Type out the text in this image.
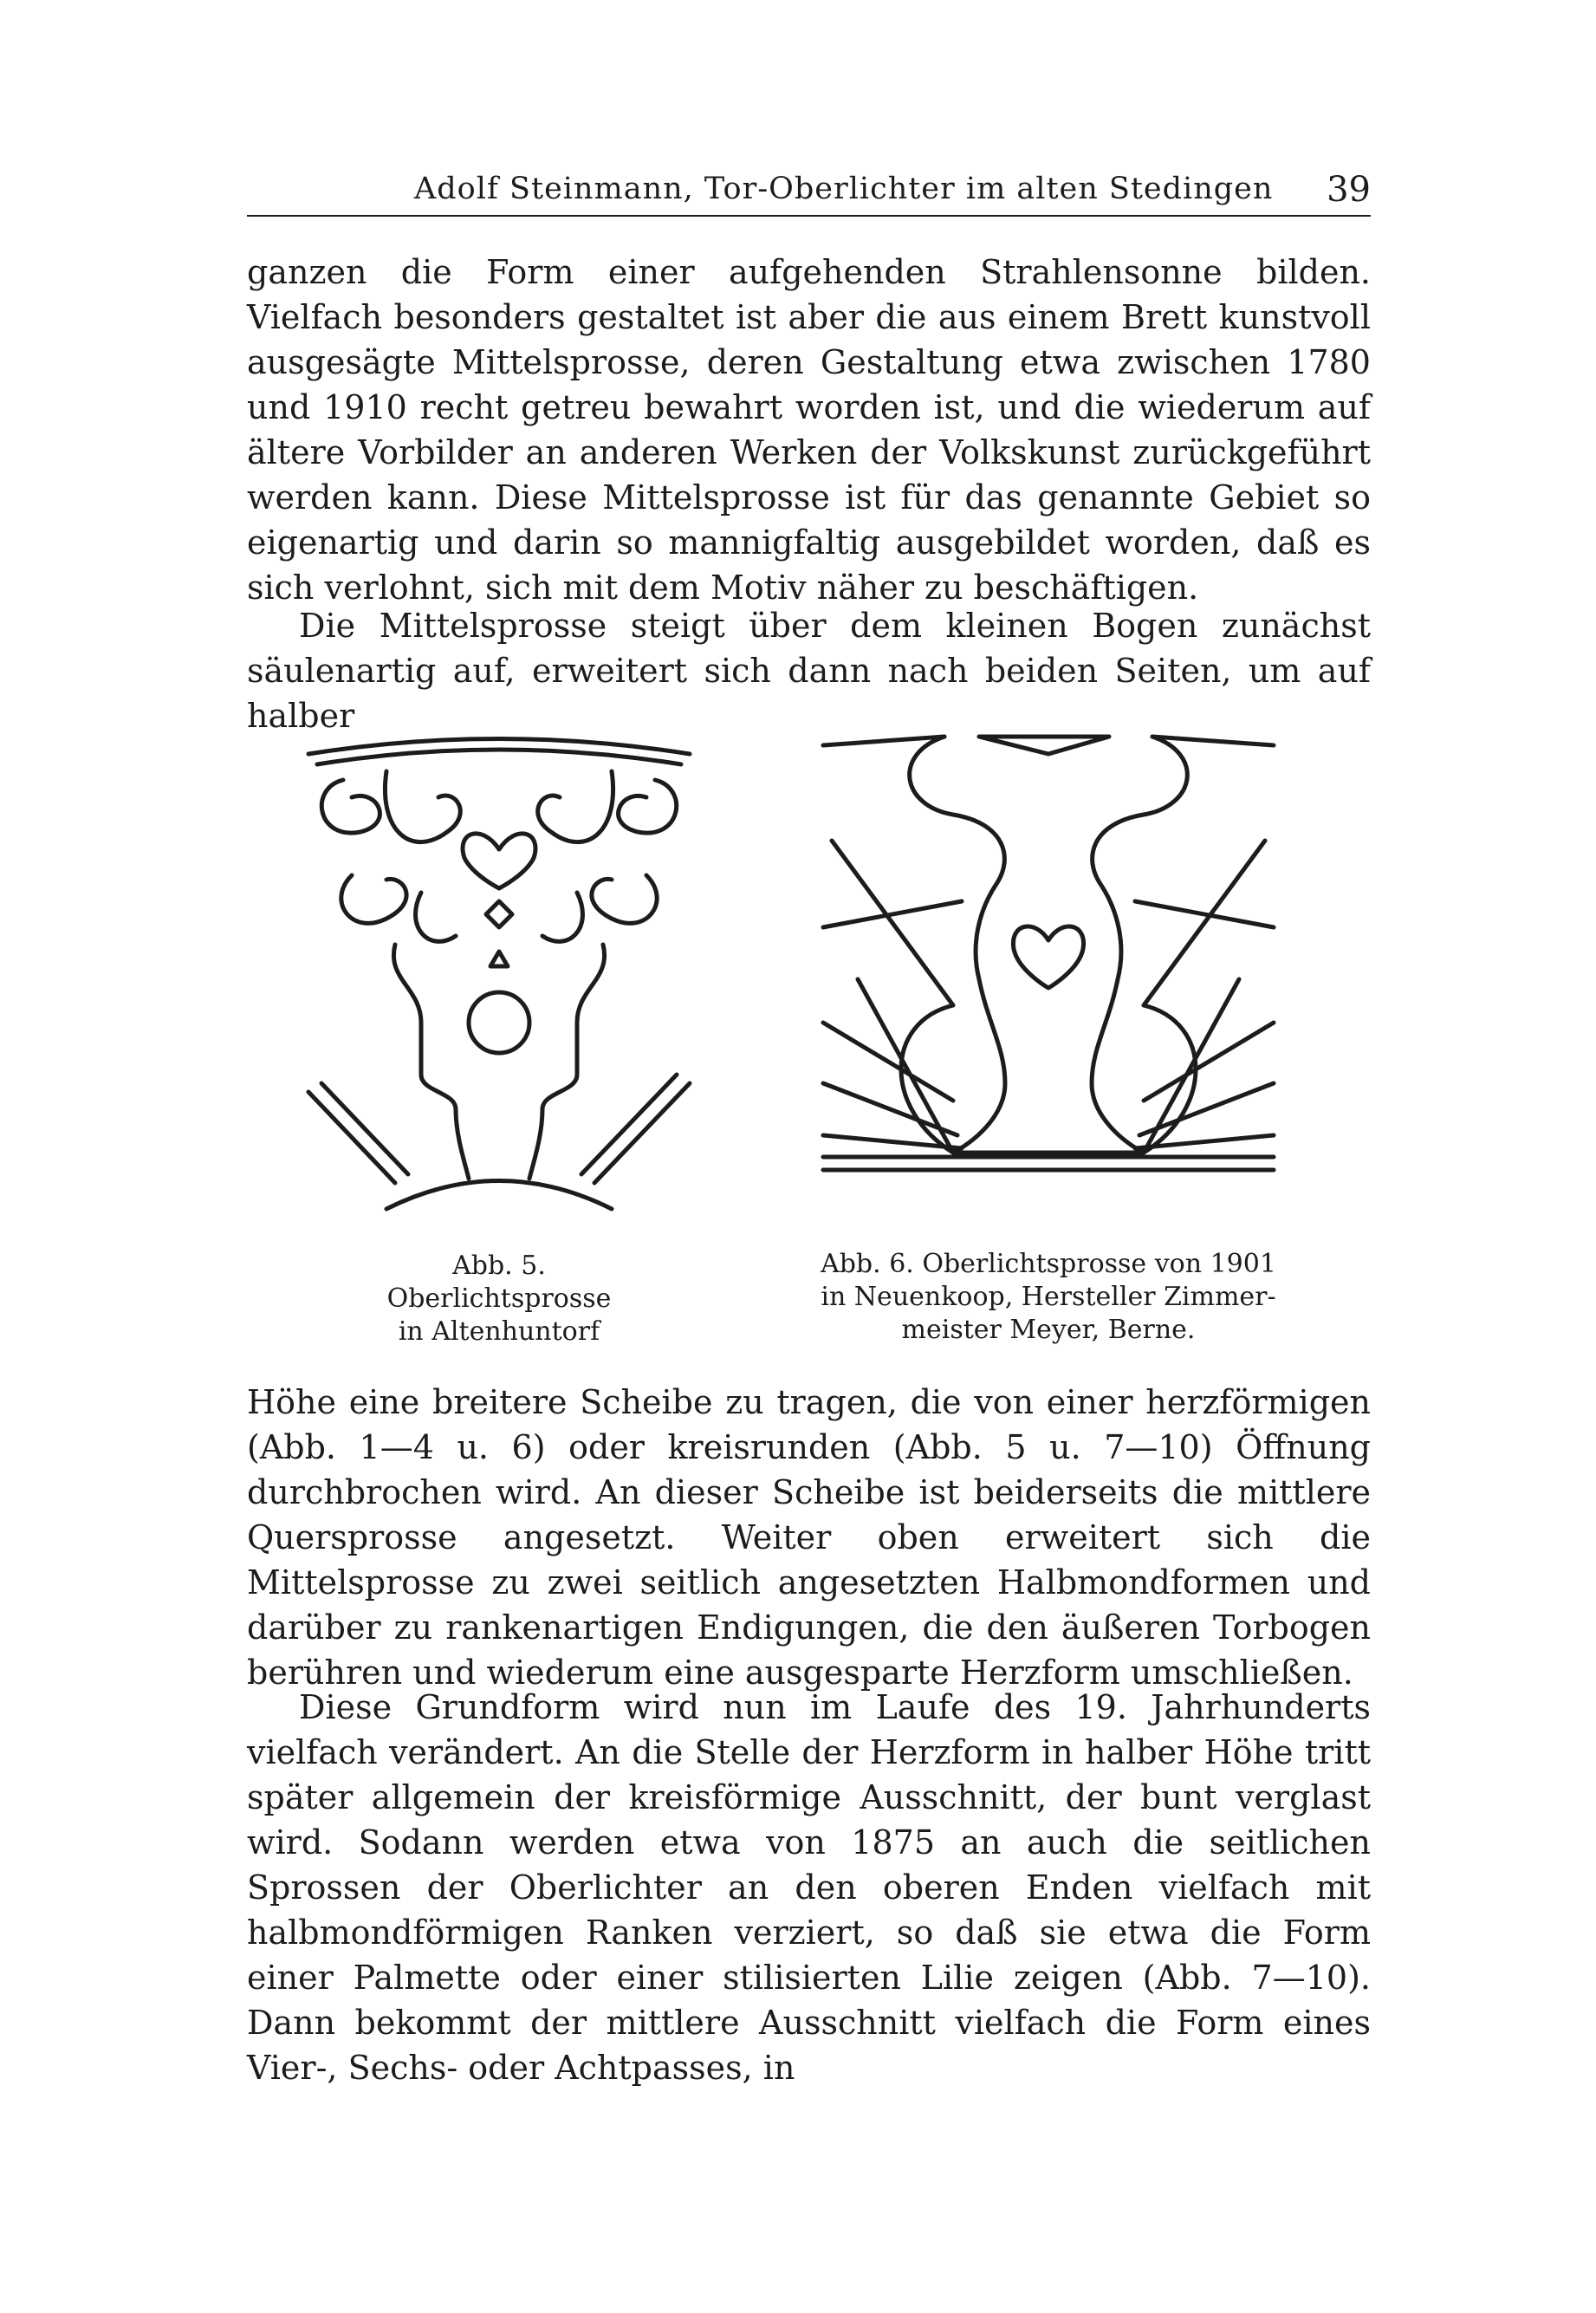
Adolf Steinmann, Tor-Oberlichter im alten Stedingen 39

ganzen die Form einer aufgehenden Strahlensonne bilden. Vielfach besonders gestaltet ist aber die aus einem Brett kunstvoll ausgesägte Mittelsprosse, deren Gestaltung etwa zwischen 1780 und 1910 recht getreu bewahrt worden ist, und die wiederum auf ältere Vorbilder an anderen Werken der Volkskunst zurückgeführt werden kann. Diese Mittelsprosse ist für das genannte Gebiet so eigenartig und darin so mannigfaltig ausgebildet worden, daß es sich verlohnt, sich mit dem Motiv näher zu beschäftigen.

Die Mittelsprosse steigt über dem kleinen Bogen zunächst säulenartig auf, erweitert sich dann nach beiden Seiten, um auf halber

Abb. 5.
Oberlichtsprosse
in Altenhuntorf
Abb. 6. Oberlichtsprosse von 1901
in Neuenkoop, Hersteller Zimmer-
meister Meyer, Berne.

Höhe eine breitere Scheibe zu tragen, die von einer herzförmigen (Abb. 1—4 u. 6) oder kreisrunden (Abb. 5 u. 7—10) Öffnung durchbrochen wird. An dieser Scheibe ist beiderseits die mittlere Quersprosse angesetzt. Weiter oben erweitert sich die Mittelsprosse zu zwei seitlich angesetzten Halbmondformen und darüber zu rankenartigen Endigungen, die den äußeren Torbogen berühren und wiederum eine ausgesparte Herzform umschließen.

Diese Grundform wird nun im Laufe des 19. Jahrhunderts vielfach verändert. An die Stelle der Herzform in halber Höhe tritt später allgemein der kreisförmige Ausschnitt, der bunt verglast wird. Sodann werden etwa von 1875 an auch die seitlichen Sprossen der Oberlichter an den oberen Enden vielfach mit halbmondförmigen Ranken verziert, so daß sie etwa die Form einer Palmette oder einer stilisierten Lilie zeigen (Abb. 7—10). Dann bekommt der mittlere Ausschnitt vielfach die Form eines Vier-, Sechs- oder Achtpasses, in
